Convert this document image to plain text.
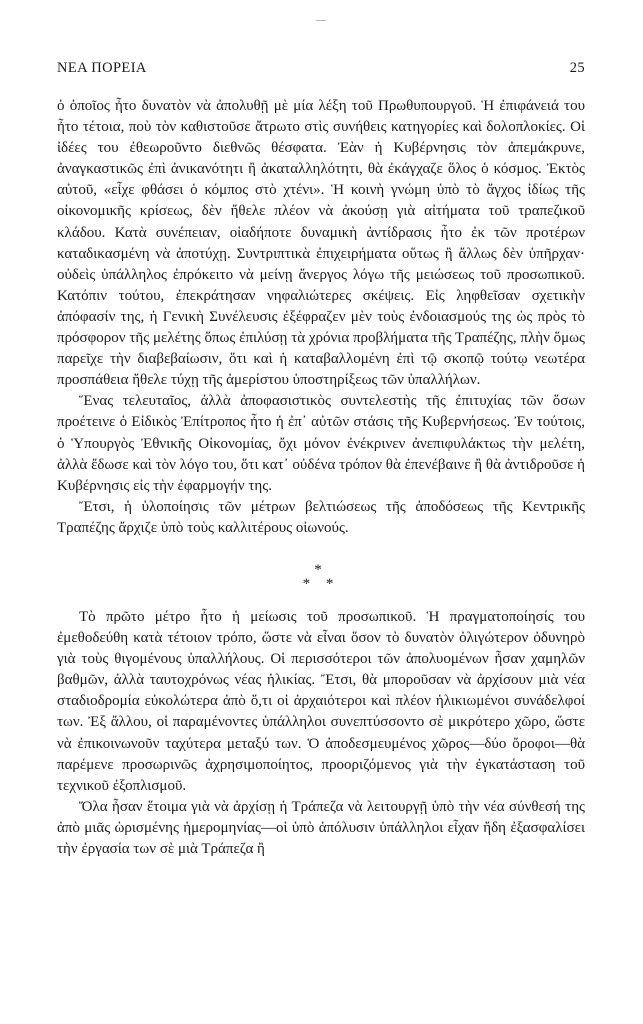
ΝΕΑ ΠΟΡΕΙΑ	25

ὁ ὁποῖος ἦτο δυνατὸν νὰ ἀπολυθῇ μὲ μία λέξη τοῦ Πρωθυπουργοῦ. Ἡ ἐπιφάνειά του ἦτο τέτοια, ποὺ τὸν καθιστοῦσε ἄτρωτο στὶς συνήθεις κατηγορίες καὶ δολοπλοκίες. Οἱ ἰδέες του ἐθεωροῦντο διεθνῶς θέσφατα. Ἐὰν ἡ Κυβέρνησις τὸν ἀπεμάκρυνε, ἀναγκαστικῶς ἐπὶ ἀνικανότητι ἢ ἀκαταλληλότητι, θὰ ἐκάγχαζε ὅλος ὁ κόσμος. Ἐκτὸς αὐτοῦ, «εἶχε φθάσει ὁ κόμπος στὸ χτένι». Ἡ κοινὴ γνώμη ὑπὸ τὸ ἄγχος ἰδίως τῆς οἰκονομικῆς κρίσεως, δὲν ἤθελε πλέον νὰ ἀκούσῃ γιὰ αἰτήματα τοῦ τραπεζικοῦ κλάδου. Κατὰ συνέπειαν, οἱαδήποτε δυναμικὴ ἀντίδρασις ἦτο ἐκ τῶν προτέρων καταδικασμένη νὰ ἀποτύχῃ. Συντριπτικὰ ἐπιχειρήματα οὕτως ἢ ἄλλως δὲν ὑπῆρχαν· οὐδεὶς ὑπάλληλος ἐπρόκειτο νὰ μείνῃ ἄνεργος λόγω τῆς μειώσεως τοῦ προσωπικοῦ. Κατόπιν τούτου, ἐπεκράτησαν νηφαλιώτερες σκέψεις. Εἰς ληφθεῖσαν σχετικὴν ἀπόφασίν της, ἡ Γενικὴ Συνέλευσις ἐξέφραζεν μὲν τοὺς ἐνδοιασμούς της ὡς πρὸς τὸ πρόσφορον τῆς μελέτης ὅπως ἐπιλύσῃ τὰ χρόνια προβλήματα τῆς Τραπέζης, πλὴν ὅμως παρεῖχε τὴν διαβεβαίωσιν, ὅτι καὶ ἡ καταβαλλομένη ἐπὶ τῷ σκοπῷ τούτῳ νεωτέρα προσπάθεια ἤθελε τύχῃ τῆς ἀμερίστου ὑποστηρίξεως τῶν ὑπαλλήλων.

Ἕνας τελευταῖος, ἀλλὰ ἀποφασιστικὸς συντελεστὴς τῆς ἐπιτυχίας τῶν ὅσων προέτεινε ὁ Εἰδικὸς Ἐπίτροπος ἦτο ἡ ἐπ᾽ αὐτῶν στάσις τῆς Κυβερνήσεως. Ἐν τούτοις, ὁ Ὑπουργὸς Ἐθνικῆς Οἰκονομίας, ὄχι μόνον ἐνέκρινεν ἀνεπιφυλάκτως τὴν μελέτη, ἀλλὰ ἔδωσε καὶ τὸν λόγο του, ὅτι κατ᾽ οὐδένα τρόπον θὰ ἐπενέβαινε ἢ θὰ ἀντιδροῦσε ἡ Κυβέρνησις εἰς τὴν ἐφαρμογήν της.

Ἔτσι, ἡ ὑλοποίησις τῶν μέτρων βελτιώσεως τῆς ἀποδόσεως τῆς Κεντρικῆς Τραπέζης ἄρχιζε ὑπὸ τοὺς καλλιτέρους οἰωνούς.

*
* *

Τὸ πρῶτο μέτρο ἦτο ἡ μείωσις τοῦ προσωπικοῦ. Ἡ πραγματοποίησίς του ἐμεθοδεύθη κατὰ τέτοιον τρόπο, ὥστε νὰ εἶναι ὅσον τὸ δυνατὸν ὀλιγώτερον ὀδυνηρὸ γιὰ τοὺς θιγομένους ὑπαλλήλους. Οἱ περισσότεροι τῶν ἀπολυομένων ἦσαν χαμηλῶν βαθμῶν, ἀλλὰ ταυτοχρόνως νέας ἡλικίας. Ἔτσι, θὰ μποροῦσαν νὰ ἀρχίσουν μιὰ νέα σταδιοδρομία εὐκολώτερα ἀπὸ ὅ,τι οἱ ἀρχαιότεροι καὶ πλέον ἡλικιωμένοι συνάδελφοί των. Ἐξ ἄλλου, οἱ παραμένοντες ὑπάλληλοι συνεπτύσσοντο σὲ μικρότερο χῶρο, ὥστε νὰ ἐπικοινωνοῦν ταχύτερα μεταξύ των. Ὁ ἀποδεσμευμένος χῶρος—δύο ὄροφοι—θὰ παρέμενε προσωρινῶς ἀχρησιμοποίητος, προοριζόμενος γιὰ τὴν ἐγκατάσταση τοῦ τεχνικοῦ ἐξοπλισμοῦ.

Ὅλα ἦσαν ἕτοιμα γιὰ νὰ ἀρχίσῃ ἡ Τράπεζα νὰ λειτουργῇ ὑπὸ τὴν νέα σύνθεσή της ἀπὸ μιᾶς ὡρισμένης ἡμερομηνίας—οἱ ὑπὸ ἀπόλυσιν ὑπάλληλοι εἶχαν ἤδη ἐξασφαλίσει τὴν ἐργασία των σὲ μιὰ Τράπεζα ἢ
